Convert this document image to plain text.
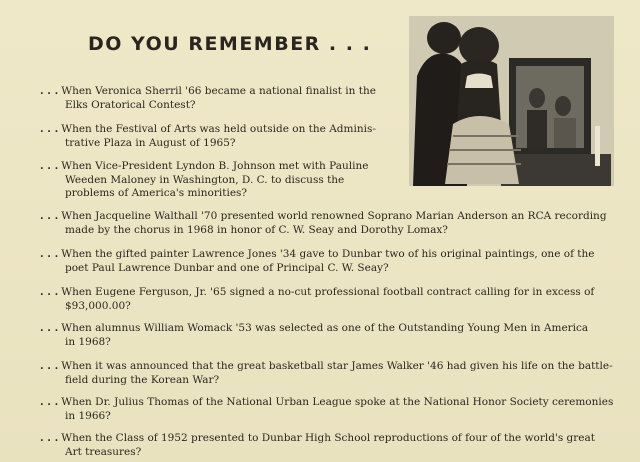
DO YOU REMEMBER . . .
. . . When Veronica Sherril '66 became a national finalist in the
Elks Oratorical Contest?
. . . When the Festival of Arts was held outside on the Adminis-
trative Plaza in August of 1965?
. . . When Vice-President Lyndon B. Johnson met with Pauline
Weeden Maloney in Washington, D. C. to discuss the
problems of America's minorities?
. . . When Jacqueline Walthall '70 presented world renowned Soprano Marian Anderson an RCA recording
made by the chorus in 1968 in honor of C. W. Seay and Dorothy Lomax?
. . . When the gifted painter Lawrence Jones '34 gave to Dunbar two of his original paintings, one of the
poet Paul Lawrence Dunbar and one of Principal C. W. Seay?
. . . When Eugene Ferguson, Jr. '65 signed a no-cut professional football contract calling for in excess of
$93,000.00?
. . . When alumnus William Womack '53 was selected as one of the Outstanding Young Men in America
in 1968?
. . . When it was announced that the great basketball star James Walker '46 had given his life on the battle-
field during the Korean War?
. . . When Dr. Julius Thomas of the National Urban League spoke at the National Honor Society ceremonies
in 1966?
. . . When the Class of 1952 presented to Dunbar High School reproductions of four of the world's great
Art treasures?
